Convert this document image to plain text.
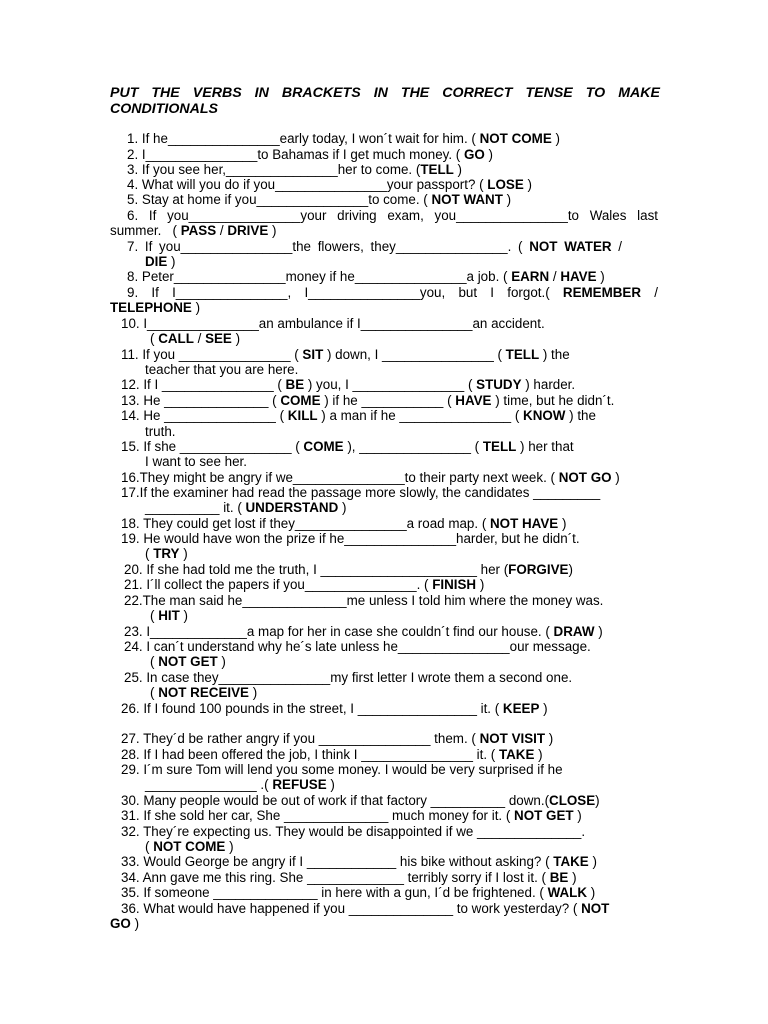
PUT THE VERBS IN BRACKETS IN THE CORRECT TENSE TO MAKE CONDITIONALS

1. If he_______________early today, I won´t wait for him. ( NOT COME )
2. I_______________to Bahamas if I get much money. ( GO )
3. If you see her,_______________her to come. (TELL )
4. What will you do if you_______________your passport? ( LOSE )
5. Stay at home if you_______________to come. ( NOT WANT )
6. If you_______________your driving exam, you_______________to Wales last
summer.   ( PASS / DRIVE )
7. If you_______________the flowers, they_______________. ( NOT WATER /
DIE )
8. Peter_______________money if he_______________a job. ( EARN / HAVE )
9. If I_______________, I_______________you, but I forgot.( REMEMBER /
TELEPHONE )
10. I_______________an ambulance if I_______________an accident.
( CALL / SEE )
11. If you _______________ ( SIT ) down, I _______________ ( TELL ) the
teacher that you are here.
12. If I _______________ ( BE ) you, I _______________ ( STUDY ) harder.
13. He ______________ ( COME ) if he ___________ ( HAVE ) time, but he didn´t.
14. He _______________ ( KILL ) a man if he _______________ ( KNOW ) the
truth.
15. If she _______________ ( COME ), _______________ ( TELL ) her that
I want to see her.
16.They might be angry if we_______________to their party next week. ( NOT GO )
17.If the examiner had read the passage more slowly, the candidates _________
__________ it. ( UNDERSTAND )
18. They could get lost if they_______________a road map. ( NOT HAVE )
19. He would have won the prize if he_______________harder, but he didn´t.
( TRY )
20. If she had told me the truth, I _____________________ her (FORGIVE)
21. I´ll collect the papers if you_______________. ( FINISH )
22.The man said he______________me unless I told him where the money was.
( HIT )
23. I_____________a map for her in case she couldn´t find our house. ( DRAW )
24. I can´t understand why he´s late unless he_______________our message.
( NOT GET )
25. In case they_______________my first letter I wrote them a second one.
( NOT RECEIVE )
26. If I found 100 pounds in the street, I ________________ it. ( KEEP )
27. They´d be rather angry if you _______________ them. ( NOT VISIT )
28. If I had been offered the job, I think I _______________ it. ( TAKE )
29. I´m sure Tom will lend you some money. I would be very surprised if he
_______________ .( REFUSE )
30. Many people would be out of work if that factory __________ down.(CLOSE)
31. If she sold her car, She ______________ much money for it. ( NOT GET )
32. They´re expecting us. They would be disappointed if we ______________.
( NOT COME )
33. Would George be angry if I ____________ his bike without asking? ( TAKE )
34. Ann gave me this ring. She _____________ terribly sorry if I lost it. ( BE )
35. If someone ______________ in here with a gun, I´d be frightened. ( WALK )
36. What would have happened if you ______________ to work yesterday? ( NOT
GO )
